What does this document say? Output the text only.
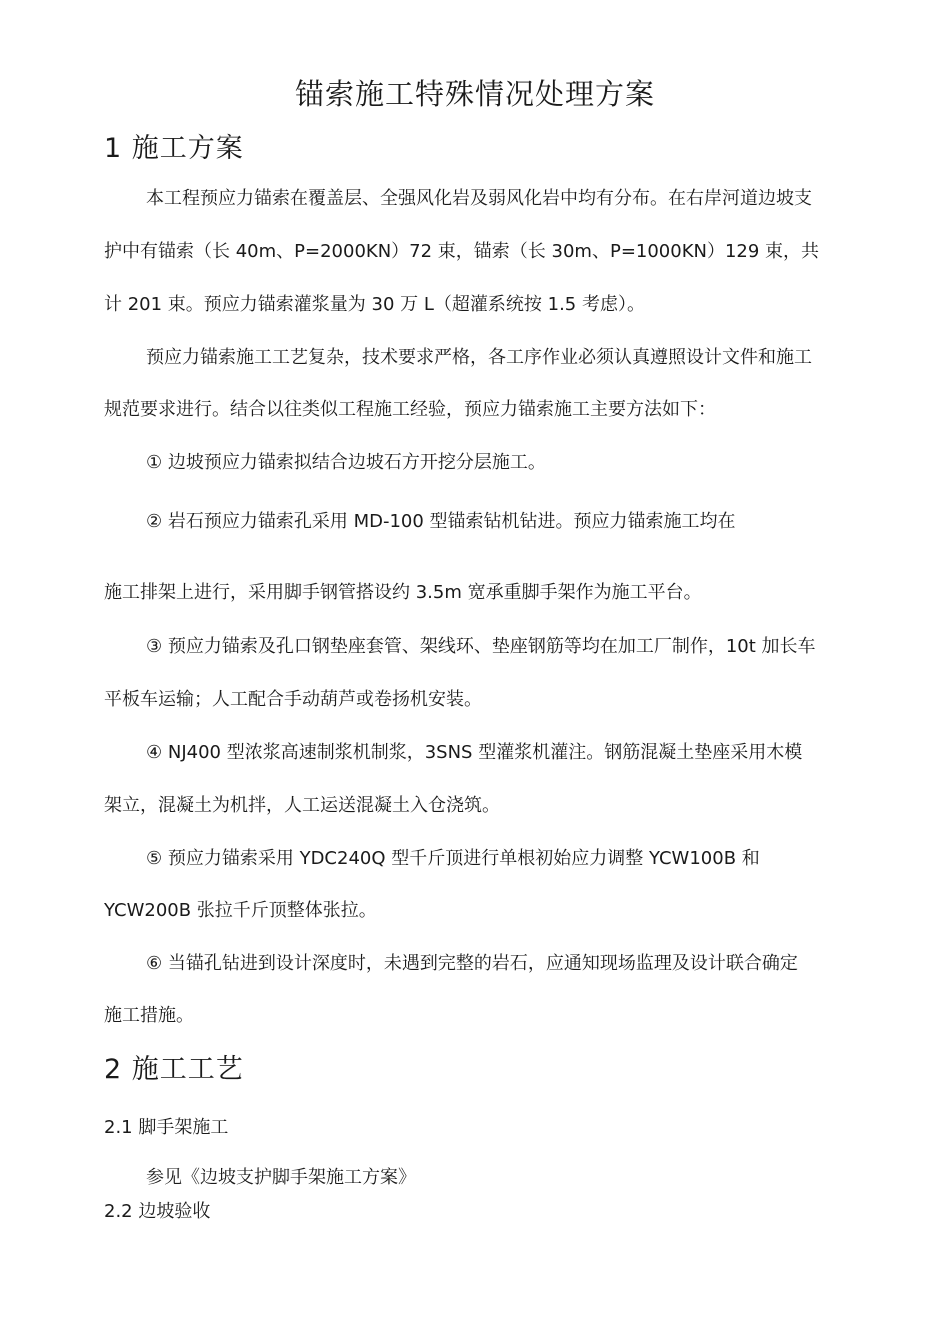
锚索施工特殊情况处理方案
1 施工方案
本工程预应力锚索在覆盖层、全强风化岩及弱风化岩中均有分布。在右岸河道边坡支
护中有锚索（长 40m、P=2000KN）72 束，锚索（长 30m、P=1000KN）129 束，共
计 201 束。预应力锚索灌浆量为 30 万 L（超灌系统按 1.5 考虑）。
预应力锚索施工工艺复杂，技术要求严格，各工序作业必须认真遵照设计文件和施工
规范要求进行。结合以往类似工程施工经验，预应力锚索施工主要方法如下：
① 边坡预应力锚索拟结合边坡石方开挖分层施工。
② 岩石预应力锚索孔采用 MD-100 型锚索钻机钻进。预应力锚索施工均在
施工排架上进行，采用脚手钢管搭设约 3.5m 宽承重脚手架作为施工平台。
③ 预应力锚索及孔口钢垫座套管、架线环、垫座钢筋等均在加工厂制作，10t 加长车
平板车运输；人工配合手动葫芦或卷扬机安装。
④ NJ400 型浓浆高速制浆机制浆，3SNS 型灌浆机灌注。钢筋混凝土垫座采用木模
架立，混凝土为机拌，人工运送混凝土入仓浇筑。
⑤ 预应力锚索采用 YDC240Q 型千斤顶进行单根初始应力调整 YCW100B 和
YCW200B 张拉千斤顶整体张拉。
⑥ 当锚孔钻进到设计深度时，未遇到完整的岩石，应通知现场监理及设计联合确定
施工措施。
2 施工工艺
2.1 脚手架施工
参见《边坡支护脚手架施工方案》
2.2 边坡验收
